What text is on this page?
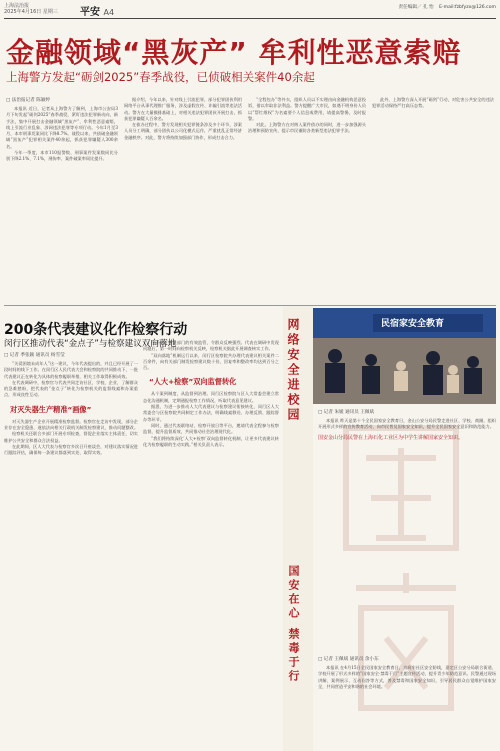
上海法治报
2025年4月16日 星期三 平安 A4
责任编辑／ 孔 怡 E-mail:fzbfyzx@126.com
金融领域“黑灰产” 牟利性恶意索赔
上海警方发起“砺剑2025”春季战役，已侦破相关案件40余起
□ 法治报记者 陈颖婷
本报讯 近日，记者从上海警方了解到，上海市公安局3月下旬发起“砺剑2025”春季战役，紧盯违法犯罪新动向，新手法，集中开展打击金融领域“黑灰产”、牟利性恶意索赔，线上引流行业乱象、涉网违法犯罪等专项行动。今年1月至3月，本市刑事发案同比下降8.7%。战役以来，共侦破金融领域“黑灰产”犯罪相关案件40余起，抓获犯罪嫌疑人300余名。
今年一季度，本市110报警数、刑事案件发案数同比分别下降2.1%、7.1%，刑拘率、案件破案率同比提升。
据介绍，今年以来，针对线上引流犯罪，部分犯罪团伙利用网络平台从事代理推广服务，涉及虚假宣传、诈骗引流等违法活动。警方在大量摸排基础上，对相关违法犯罪团伙开展打击，抓获犯罪嫌疑人百余名。
在侦办过程中，警方发现相关犯罪链条涉及多个环节，涉案人员分工明确，部分团伙以公司化模式运作，严重扰乱正常经济金融秩序。对此，警方将持续加强部门协作，形成打击合力。
“全程包办”等外衣，组织人员以不实理由向金融机构恶意投诉，借以牟取非法利益。警方提醒广大市民，如遇不明身份人员以“帮忙维权”为名索要个人信息或费用，请提高警惕，及时报警。
对此，上海警方在对纳入案件侦办的同时，进一步加强源头治理和预防宣传，提示市民谨防各类新型违法犯罪手法。
此外，上海警方深入开展“砺剑”行动，对危害公共安全的违法犯罪活动保持严打高压态势。
200条代表建议化作检察行动
闵行区推动代表“金点子”与检察建议双向落地
□ 记者 季张颖 通讯员 杨雪莹
“关爱困境未成年人”这一建议，今年代表提出的，并且已经开展了一段时间的线下工作。在闵行区人民代表大会和检察院的共同推动下，一批代表建议正在转化为具体的检察履职举措，相关工作取得积极成效。
在代表调研中，检察官与代表共同走访社区、学校、企业，了解群众的急难愁盼，把代表的“金点子”转化为检察机关的监督线索和办案重点，形成良性互动。
对灭失器生产精准“画像”
对灭失器生产企业开展精准检察监督。检察官在走访中发现，部分企业存在安全隐患，遂依法向相关行政机关制发检察建议，推动问题整改。
检察机关还联合多部门开展专项检查，督促企业落实主体责任，切实维护公共安全和群众合法权益。
在此期间，区人大代表与检察官多次召开座谈会，对建议落实情况进行跟踪评估，确保每一条建议都落到实处、取得实效。
由于缺乏相关部门的有效监管，令群众反映强烈。代表在调研中发现问题后，第一时间向检察机关反映，检察机关据此开展调查核实工作。
“双向落地”机制运行以来，闵行区检察院共办理代表建议相关案件二百余件，向有关部门制发检察建议数十份，回复率和整改率均达到百分之百。
“人大+检察”双向监督转化
从个案到制度，从监督到治理。闵行区检察院与区人大常委会建立常态化沟通机制，定期通报检察工作情况，听取代表意见建议。
据悉，为进一步推动人大代表建议与检察建议衔接转化，闵行区人大常委会与区检察院共同制定工作办法，明确线索移送、办理反馈、跟踪督办等环节。
同时，通过代表联络站、检察开放日等平台，邀请代表全程参与检察监督，提升监督质效，共同推动社会治理现代化。
“我们将持续深化‘人大+检察’双向监督转化机制，让更多代表建议转化为检察履职的生动实践。”相关负责人表示。
网络安全进校园
国安在心 禁毒于行
民宿家安全教育
□ 记者 朱媛 通讯员 王佩斌
本报讯 昨天是第十个全民国家安全教育日，金山公安分局民警走进社区、学校、商圈，组织开展形式多样的宣传教育活动，向市民普及国家安全知识，提升全民国家安全意识和防范能力。
国安金山分局民警在上海石化工业区为中学生讲解国家安全知识。
□ 记者 王佩斌 通讯员 余小东
本报讯 在4月15日全民国家安全教育日，为筑牢社区安全防线，嘉定区公安分局联合街道、学校开展了形式多样的“国家安全·禁毒于行”主题宣传活动，提升青少年防范意识。民警通过现场讲解、案例展示、互动问答等方式，普及禁毒和国家安全知识，引导居民群众自觉维护国家安全，共同营造平安和谐的社会环境。
